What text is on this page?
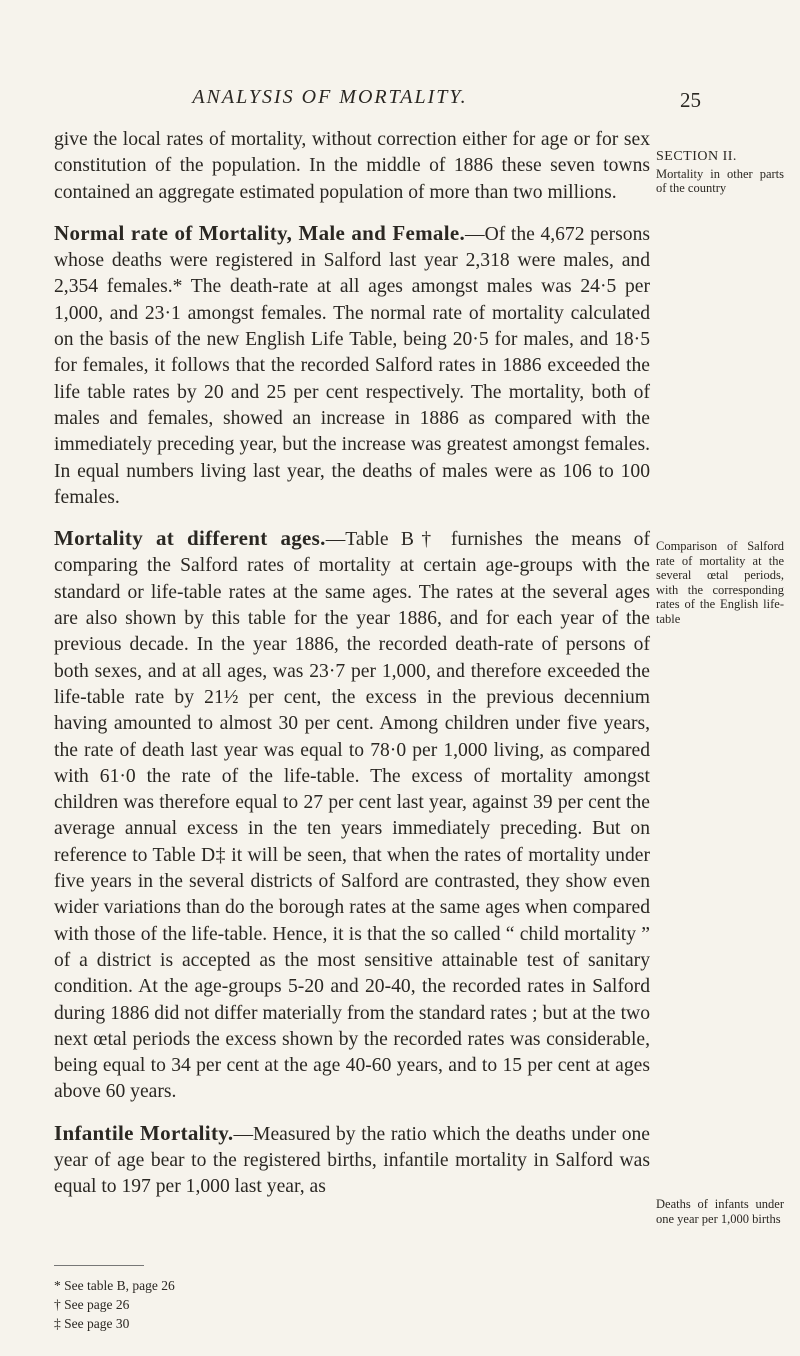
ANALYSIS OF MORTALITY.	25

give the local rates of mortality, without correction either for age or for sex constitution of the population. In the middle of 1886 these seven towns contained an aggregate estimated population of more than two millions.

Normal rate of Mortality, Male and Female.—Of the 4,672 persons whose deaths were registered in Salford last year 2,318 were males, and 2,354 females.* The death-rate at all ages amongst males was 24·5 per 1,000, and 23·1 amongst females. The normal rate of mortality calculated on the basis of the new English Life Table, being 20·5 for males, and 18·5 for females, it follows that the recorded Salford rates in 1886 exceeded the life table rates by 20 and 25 per cent respectively. The mortality, both of males and females, showed an increase in 1886 as compared with the immediately preceding year, but the increase was greatest amongst females. In equal numbers living last year, the deaths of males were as 106 to 100 females.

Mortality at different ages.—Table B† furnishes the means of comparing the Salford rates of mortality at certain age-groups with the standard or life-table rates at the same ages. The rates at the several ages are also shown by this table for the year 1886, and for each year of the previous decade. In the year 1886, the recorded death-rate of persons of both sexes, and at all ages, was 23·7 per 1,000, and therefore exceeded the life-table rate by 21½ per cent, the excess in the previous decennium having amounted to almost 30 per cent. Among children under five years, the rate of death last year was equal to 78·0 per 1,000 living, as compared with 61·0 the rate of the life-table. The excess of mortality amongst children was therefore equal to 27 per cent last year, against 39 per cent the average annual excess in the ten years immediately preceding. But on reference to Table D‡ it will be seen, that when the rates of mortality under five years in the several districts of Salford are contrasted, they show even wider variations than do the borough rates at the same ages when compared with those of the life-table. Hence, it is that the so called “ child mortality ” of a district is accepted as the most sensitive attainable test of sanitary condition. At the age-groups 5-20 and 20-40, the recorded rates in Salford during 1886 did not differ materially from the standard rates ; but at the two next œtal periods the excess shown by the recorded rates was considerable, being equal to 34 per cent at the age 40-60 years, and to 15 per cent at ages above 60 years.

Infantile Mortality.—Measured by the ratio which the deaths under one year of age bear to the registered births, infantile mortality in Salford was equal to 197 per 1,000 last year, as

SECTION II.
Mortality in other parts of the country
Comparison of Salford rate of mortality at the several œtal periods, with the corresponding rates of the English life-table
Deaths of infants under one year per 1,000 births
* See table B, page 26
† See page 26
‡ See page 30
